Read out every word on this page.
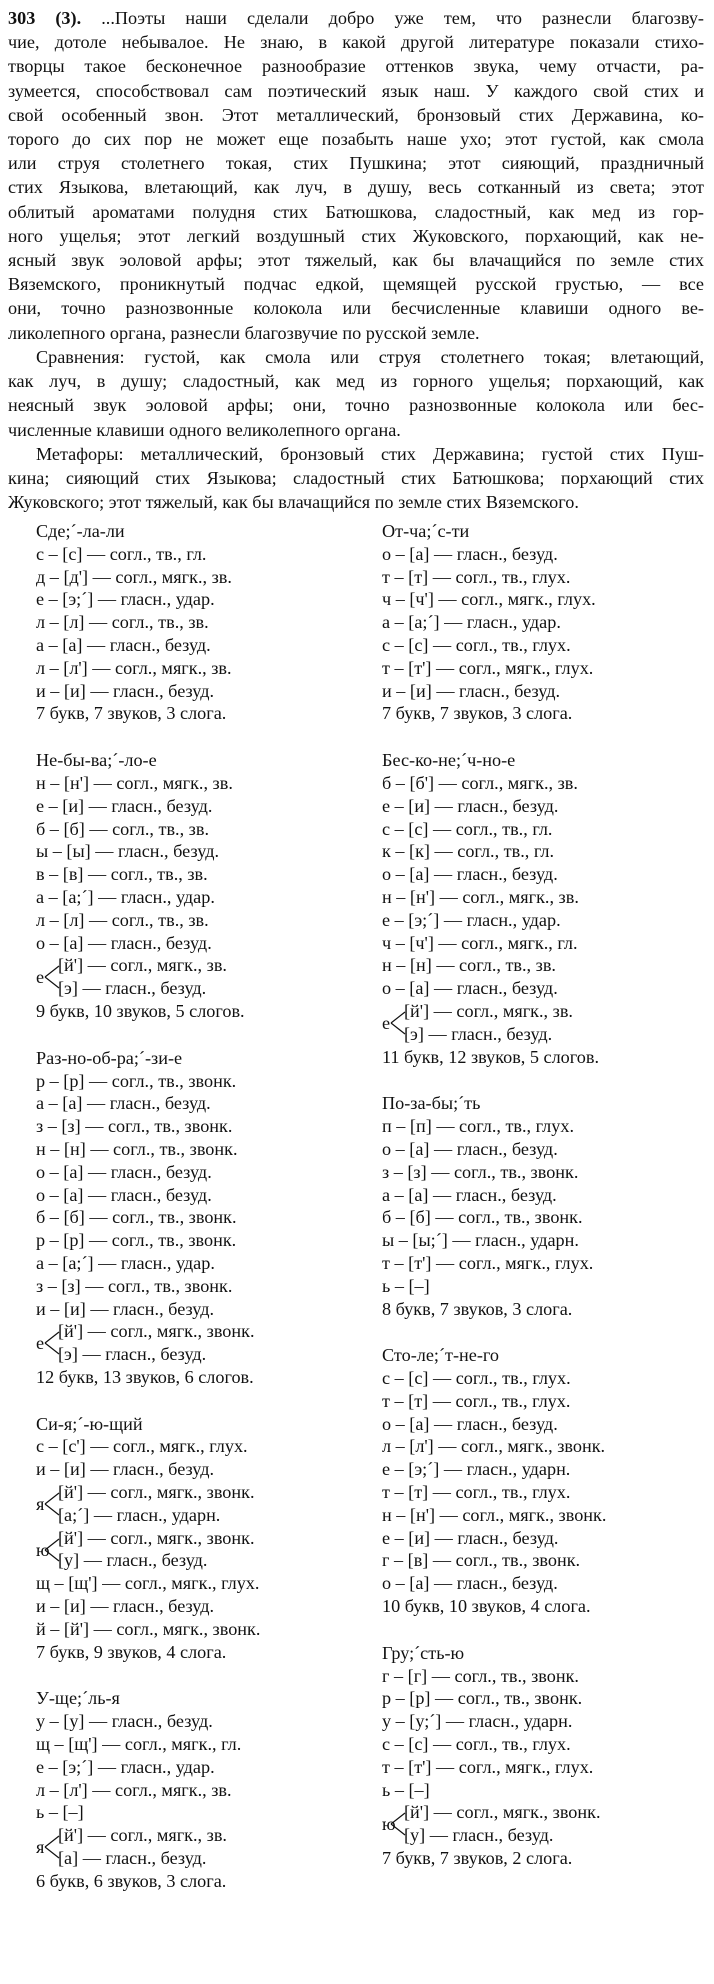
303 (3). ...Поэты наши сделали добро уже тем, что разнесли благозву-
чие, дотоле небывалое. Не знаю, в какой другой литературе показали стихо-
творцы такое бесконечное разнообразие оттенков звука, чему отчасти, ра-
зумеется, способствовал сам поэтический язык наш. У каждого свой стих и
свой особенный звон. Этот металлический, бронзовый стих Державина, ко-
торого до сих пор не может еще позабыть наше ухо; этот густой, как смола
или струя столетнего токая, стих Пушкина; этот сияющий, праздничный
стих Языкова, влетающий, как луч, в душу, весь сотканный из света; этот
облитый ароматами полудня стих Батюшкова, сладостный, как мед из гор-
ного ущелья; этот легкий воздушный стих Жуковского, порхающий, как не-
ясный звук эоловой арфы; этот тяжелый, как бы влачащийся по земле стих
Вяземского, проникнутый подчас едкой, щемящей русской грустью, — все
они, точно разнозвонные колокола или бесчисленные клавиши одного ве-
ликолепного органа, разнесли благозвучие по русской земле.
Сравнения: густой, как смола или струя столетнего токая; влетающий,
как луч, в душу; сладостный, как мед из горного ущелья; порхающий, как
неясный звук эоловой арфы; они, точно разнозвонные колокола или бес-
численные клавиши одного великолепного органа.
Метафоры: металлический, бронзовый стих Державина; густой стих Пуш-
кина; сияющий стих Языкова; сладостный стих Батюшкова; порхающий стих
Жуковского; этот тяжелый, как бы влачащийся по земле стих Вяземского.
Сде;´-ла-ли
с – [с] — согл., тв., гл.
д – [д'] — согл., мягк., зв.
е – [э;´] — гласн., удар.
л – [л] — согл., тв., зв.
а – [а] — гласн., безуд.
л – [л'] — согл., мягк., зв.
и – [и] — гласн., безуд.
7 букв, 7 звуков, 3 слога.
Не-бы-ва;´-ло-е
н – [н'] — согл., мягк., зв.
е – [и] — гласн., безуд.
б – [б] — согл., тв., зв.
ы – [ы] — гласн., безуд.
в – [в] — согл., тв., зв.
а – [а;´] — гласн., удар.
л – [л] — согл., тв., зв.
о – [а] — гласн., безуд.
е
[й'] — согл., мягк., зв.
[э] — гласн., безуд.
9 букв, 10 звуков, 5 слогов.
Раз-но-об-ра;´-зи-е
р – [р] — согл., тв., звонк.
а – [а] — гласн., безуд.
з – [з] — согл., тв., звонк.
н – [н] — согл., тв., звонк.
о – [а] — гласн., безуд.
о – [а] — гласн., безуд.
б – [б] — согл., тв., звонк.
р – [р] — согл., тв., звонк.
а – [а;´] — гласн., удар.
з – [з] — согл., тв., звонк.
и – [и] — гласн., безуд.
е
[й'] — согл., мягк., звонк.
[э] — гласн., безуд.
12 букв, 13 звуков, 6 слогов.
Си-я;´-ю-щий
с – [с'] — согл., мягк., глух.
и – [и] — гласн., безуд.
я
[й'] — согл., мягк., звонк.
[а;´] — гласн., ударн.
ю
[й'] — согл., мягк., звонк.
[у] — гласн., безуд.
щ – [щ'] — согл., мягк., глух.
и – [и] — гласн., безуд.
й – [й'] — согл., мягк., звонк.
7 букв, 9 звуков, 4 слога.
У-ще;´ль-я
у – [у] — гласн., безуд.
щ – [щ'] — согл., мягк., гл.
е – [э;´] — гласн., удар.
л – [л'] — согл., мягк., зв.
ь – [–]
я
[й'] — согл., мягк., зв.
[а] — гласн., безуд.
6 букв, 6 звуков, 3 слога.
От-ча;´с-ти
о – [а] — гласн., безуд.
т – [т] — согл., тв., глух.
ч – [ч'] — согл., мягк., глух.
а – [а;´] — гласн., удар.
с – [с] — согл., тв., глух.
т – [т'] — согл., мягк., глух.
и – [и] — гласн., безуд.
7 букв, 7 звуков, 3 слога.
Бес-ко-не;´ч-но-е
б – [б'] — согл., мягк., зв.
е – [и] — гласн., безуд.
с – [с] — согл., тв., гл.
к – [к] — согл., тв., гл.
о – [а] — гласн., безуд.
н – [н'] — согл., мягк., зв.
е – [э;´] — гласн., удар.
ч – [ч'] — согл., мягк., гл.
н – [н] — согл., тв., зв.
о – [а] — гласн., безуд.
е
[й'] — согл., мягк., зв.
[э] — гласн., безуд.
11 букв, 12 звуков, 5 слогов.
По-за-бы;´ть
п – [п] — согл., тв., глух.
о – [а] — гласн., безуд.
з – [з] — согл., тв., звонк.
а – [а] — гласн., безуд.
б – [б] — согл., тв., звонк.
ы – [ы;´] — гласн., ударн.
т – [т'] — согл., мягк., глух.
ь – [–]
8 букв, 7 звуков, 3 слога.
Сто-ле;´т-не-го
с – [с] — согл., тв., глух.
т – [т] — согл., тв., глух.
о – [а] — гласн., безуд.
л – [л'] — согл., мягк., звонк.
е – [э;´] — гласн., ударн.
т – [т] — согл., тв., глух.
н – [н'] — согл., мягк., звонк.
е – [и] — гласн., безуд.
г – [в] — согл., тв., звонк.
о – [а] — гласн., безуд.
10 букв, 10 звуков, 4 слога.
Гру;´сть-ю
г – [г] — согл., тв., звонк.
р – [р] — согл., тв., звонк.
у – [у;´] — гласн., ударн.
с – [с] — согл., тв., глух.
т – [т'] — согл., мягк., глух.
ь – [–]
ю
[й'] — согл., мягк., звонк.
[у] — гласн., безуд.
7 букв, 7 звуков, 2 слога.
